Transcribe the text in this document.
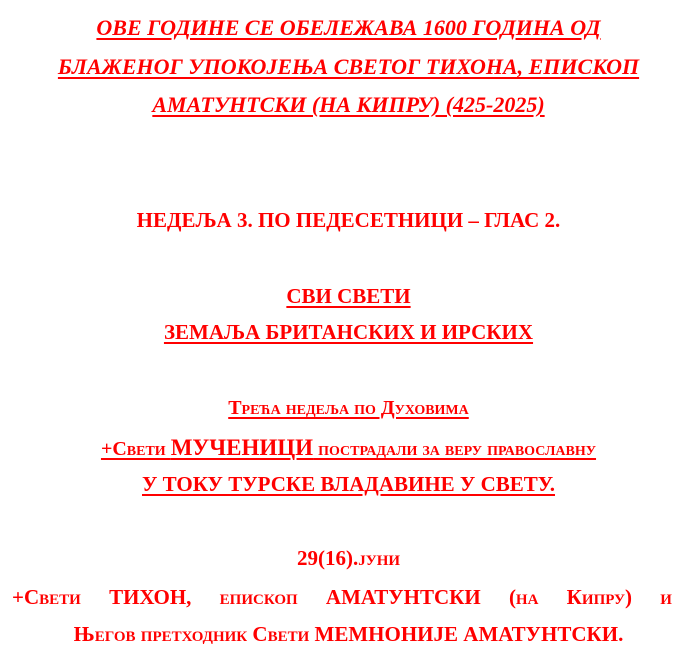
ОВЕ ГОДИНЕ СЕ ОБЕЛЕЖАВА 1600 ГОДИНА ОД
БЛАЖЕНОГ УПОКОЈЕЊА СВЕТОГ ТИХОНА, ЕПИСКОП
АМАТУНТСКИ (НА КИПРУ) (425-2025)
НЕДЕЉА 3. ПО ПЕДЕСЕТНИЦИ – ГЛАС 2.
СВИ СВЕТИ
ЗЕМАЉА БРИТАНСКИХ И ИРСКИХ
Трећа недеља по Духовима
+Свети МУЧЕНИЦИ пострадали за веру православну
У ТОКУ ТУРСКЕ ВЛАДАВИНЕ У СВЕТУ.
29(16).јуни
+Свети ТИХОН, епископ АМАТУНТСКИ (на Кипру) и
Његов претходник Свети МЕМНОНИЈЕ АМАТУНТСКИ.
